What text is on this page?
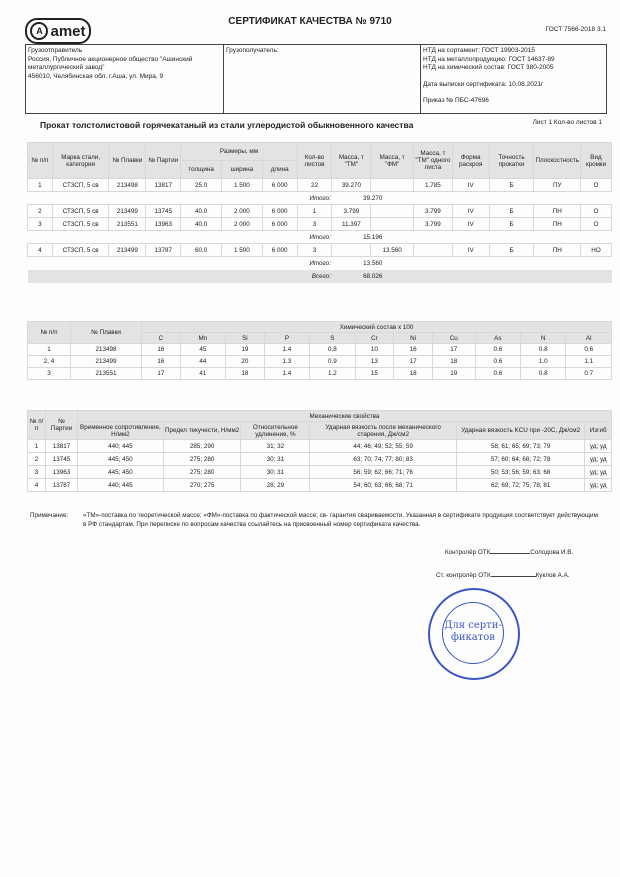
A amet
СЕРТИФИКАТ КАЧЕСТВА № 9710
ГОСТ 7566-2018 3.1
Грузоотправитель
Россия, Публичное акционерное общество "Ашинский металлургический завод"
456010, Челябинская обл. г.Аша, ул. Мира, 9
Грузополучатель:	НТД на сортамент: ГОСТ 19903-2015
НТД на металлопродукцию: ГОСТ 14637-89
НТД на химический состав: ГОСТ 380-2005
Дата выписки сертификата: 10.08.2021г
Приказ № ПБС-47696
Прокат толстолистовой горячекатаный из стали углеродистой обыкновенного качества	Лист 1 Кол-во листов 1
№ п/п	Марка стали, категория	№ Плавки	№ Партии	Размеры, мм			Кол-во листов	Масса, т "ТМ"	Масса, т "ФМ"	Масса, т "ТМ" одного листа	Форма раскроя	Точность прокатки	Плоскостность	Вид кромки
				толщина	ширина	длина								
1	СТ3СП, 5 св	213498	13817	25.0	1 500	6 000	22	39.270		1.785	IV	Б	ПУ	О
Итого:								39.270						
2	СТ3СП, 5 св	213499	13745	40.0	2 000	6 000	1	3.799		3.799	IV	Б	ПН	О
3	СТ3СП, 5 св	213551	13963	40.0	2 000	6 000	3	11.397		3.799	IV	Б	ПН	О
Итого:								15.196						
4	СТ3СП, 5 св	213499	13787	60.0	1 500	6 000	3		13.560		IV	Б	ПН	НО
Итого:								13.560						
Всего:								68.026						
№ п/п	№ Плавки	Химический состав х 100										
		C	Mn	Si	P	S	Cr	Ni	Cu	As	N	Al
1	213498	16	45	19	1.4	0.8	10	16	17	0.6	0.8	0.6
2, 4	213499	16	44	20	1.3	0.9	13	17	18	0.6	1.0	1.1
3	213551	17	41	18	1.4	1.2	15	18	19	0.6	0.8	0.7
№ п/п	№ Партии	Механические свойства					
		Временное сопротивление, Н/мм2	Предел текучести, Н/мм2	Относительное удлинение, %	Ударная вязкость после механического старения, Дж/см2	Ударная вязкость KCU при -20С, Дж/см2	Изгиб
1	13817	440; 445	285; 290	31; 32	44; 46; 49; 52; 55; 59	58; 61; 65; 69; 73; 79	уд; уд
2	13745	445; 450	275; 280	30; 31	63; 70; 74; 77; 80; 83	57; 60; 64; 68; 72; 78	уд; уд
3	13963	445; 450	275; 280	30; 31	56; 59; 62; 66; 71; 76	50; 53; 56; 59; 63; 68	уд; уд
4	13787	440; 445	270; 275	28; 29	54; 60; 63; 66; 68; 71	62; 69; 72; 75; 78; 81	уд; уд
Примечание: «ТМ»-поставка по теоретической массе; «ФМ»-поставка по фактической массе; св- гарантия свариваемости. Указанная в сертификате продукция соответствует действующим в РФ стандартам. При переписке по вопросам качества ссылайтесь на присвоенный номер сертификата качества.
Для серти- фикатов
Контролёр ОТК	Солодова И.В.
Ст. контролёр ОТК	Куклов А.А.
